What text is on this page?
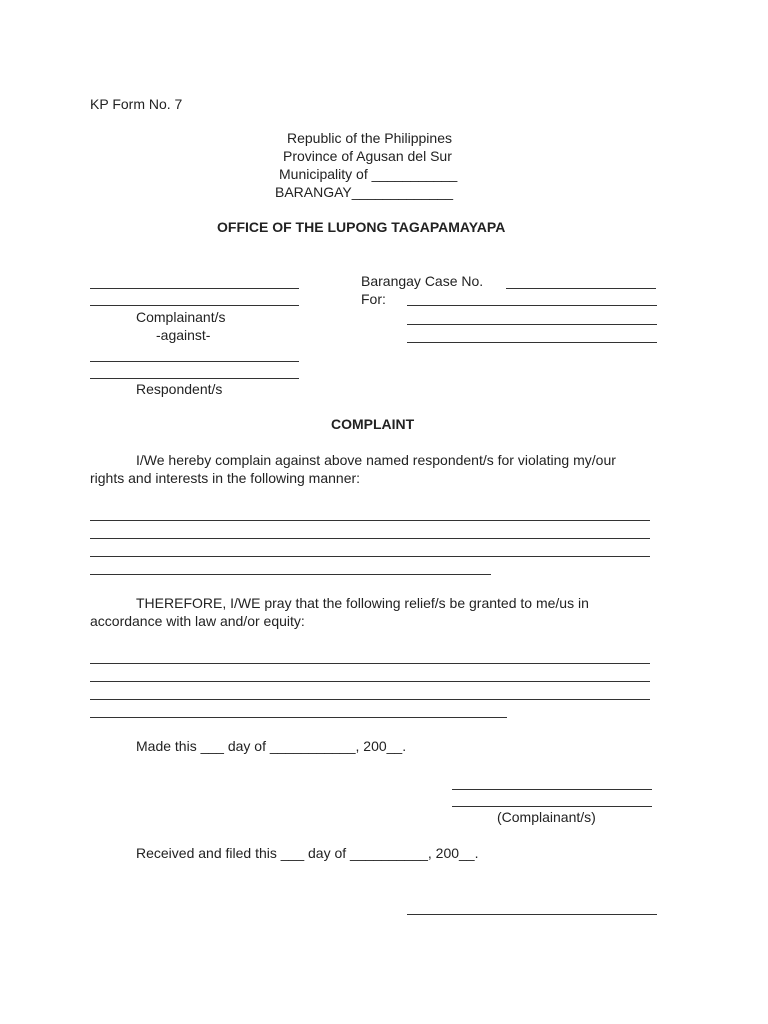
KP Form No. 7
Republic of the Philippines
Province of Agusan del Sur
Municipality of ___________
BARANGAY_____________
OFFICE OF THE LUPONG TAGAPAMAYAPA
Complainant/s
-against-
Respondent/s
Barangay Case No.
For:
COMPLAINT
I/We hereby complain against above named respondent/s for violating my/our
rights and interests in the following manner:
THEREFORE, I/WE pray that the following relief/s be granted to me/us in
accordance with law and/or equity:
Made this ___ day of ___________, 200__.
(Complainant/s)
Received and filed this ___ day of __________, 200__.
